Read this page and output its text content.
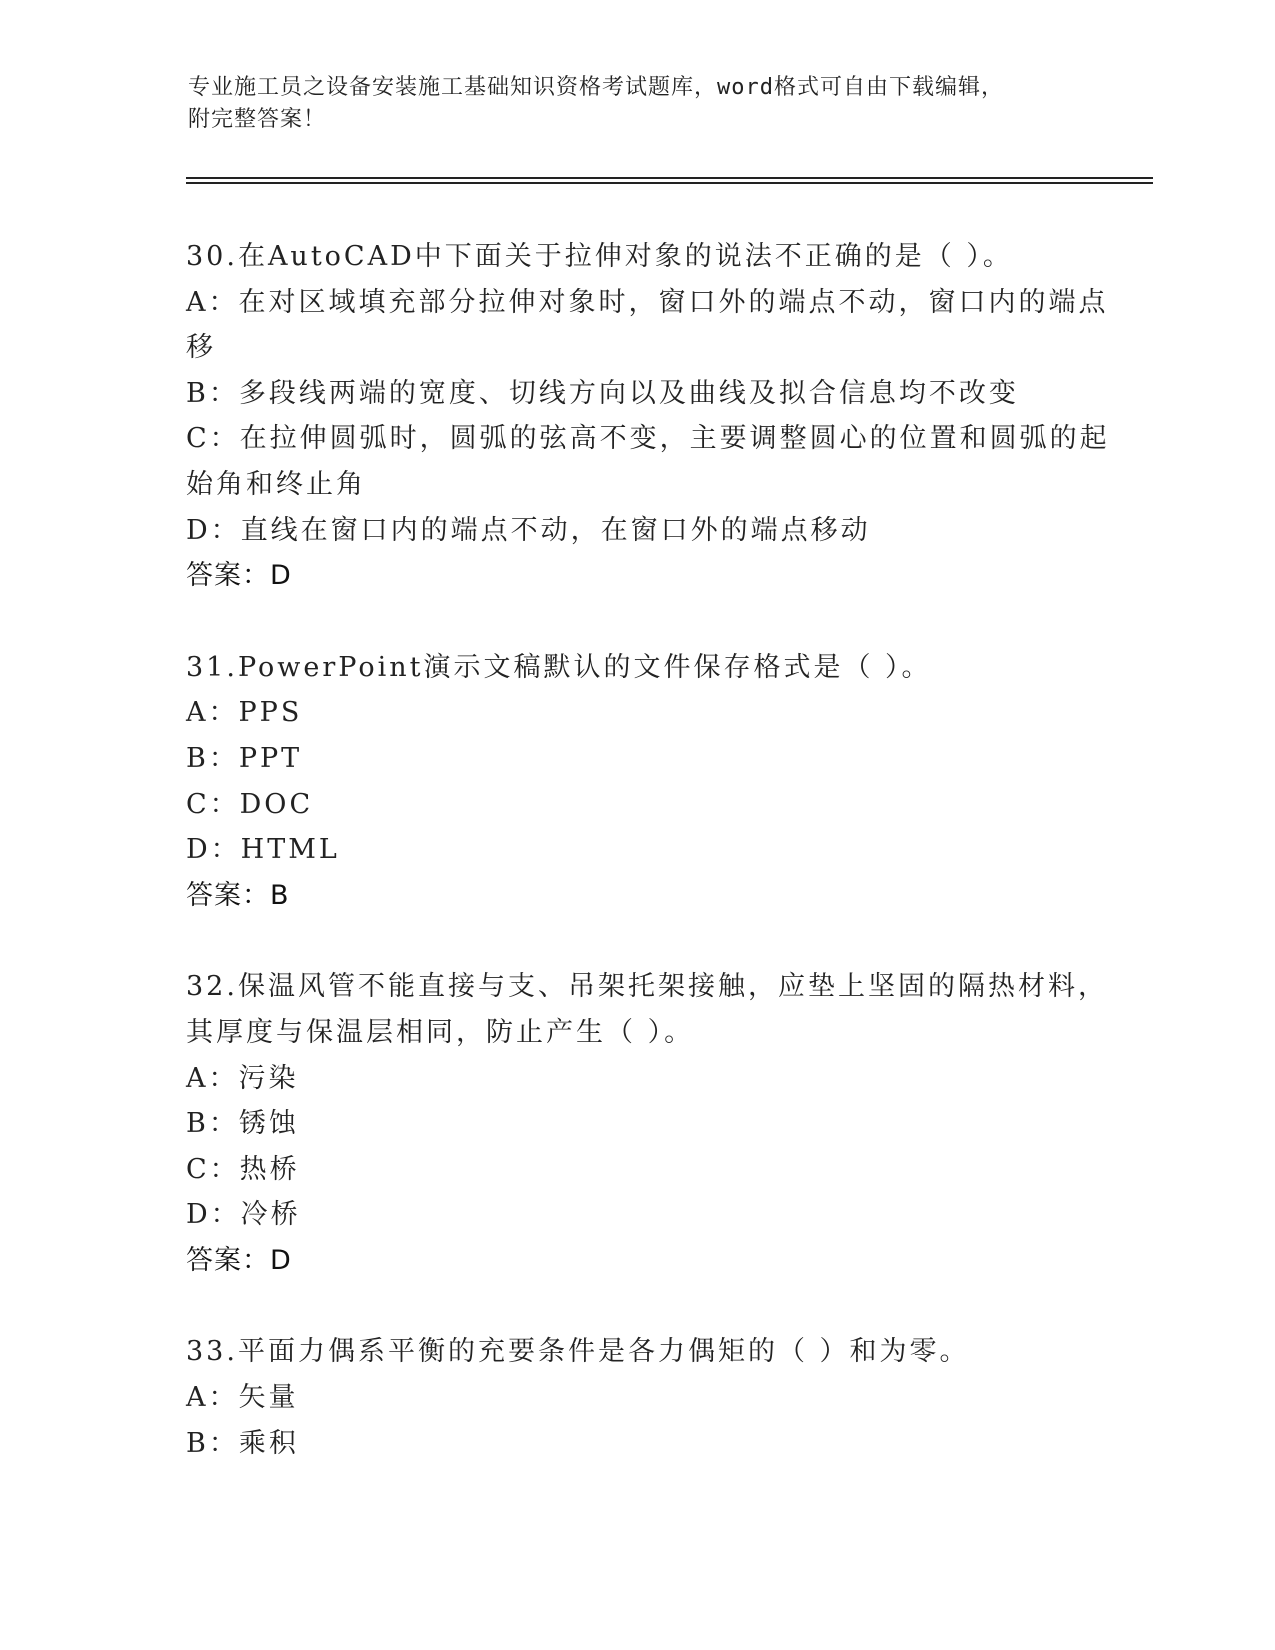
专业施工员之设备安装施工基础知识资格考试题库，word格式可自由下载编辑，
附完整答案！
30.在AutoCAD中下面关于拉伸对象的说法不正确的是（ ）。
A：在对区域填充部分拉伸对象时，窗口外的端点不动，窗口内的端点
移
B：多段线两端的宽度、切线方向以及曲线及拟合信息均不改变
C：在拉伸圆弧时，圆弧的弦高不变，主要调整圆心的位置和圆弧的起
始角和终止角
D：直线在窗口内的端点不动，在窗口外的端点移动
答案：D
31.PowerPoint演示文稿默认的文件保存格式是（ ）。
A：PPS
B：PPT
C：DOC
D：HTML
答案：B
32.保温风管不能直接与支、吊架托架接触，应垫上坚固的隔热材料，
其厚度与保温层相同，防止产生（ ）。
A：污染
B：锈蚀
C：热桥
D：冷桥
答案：D
33.平面力偶系平衡的充要条件是各力偶矩的（ ）和为零。
A：矢量
B：乘积
